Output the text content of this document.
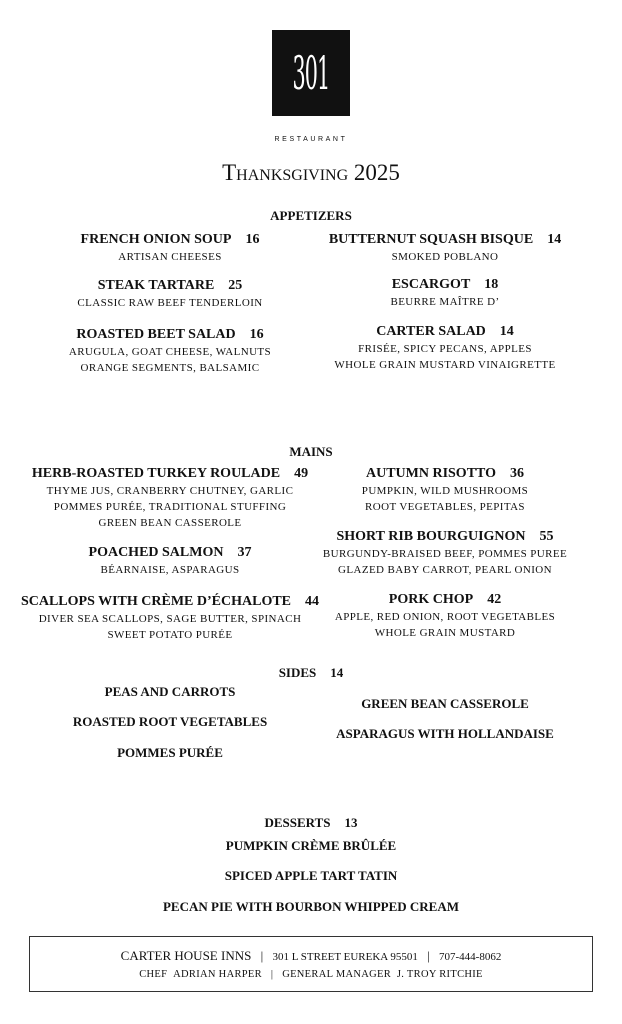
301
RESTAURANT
Thanksgiving 2025
APPETIZERS
FRENCH ONION SOUP 16
ARTISAN CHEESES
STEAK TARTARE 25
CLASSIC RAW BEEF TENDERLOIN
ROASTED BEET SALAD 16
ARUGULA, GOAT CHEESE, WALNUTS
ORANGE SEGMENTS, BALSAMIC
BUTTERNUT SQUASH BISQUE 14
SMOKED POBLANO
ESCARGOT 18
BEURRE MAÎTRE D’
CARTER SALAD 14
FRISÉE, SPICY PECANS, APPLES
WHOLE GRAIN MUSTARD VINAIGRETTE
MAINS
HERB-ROASTED TURKEY ROULADE 49
THYME JUS, CRANBERRY CHUTNEY, GARLIC
POMMES PURÉE, TRADITIONAL STUFFING
GREEN BEAN CASSEROLE
POACHED SALMON 37
BÉARNAISE, ASPARAGUS
SCALLOPS WITH CRÈME D’ÉCHALOTE 44
DIVER SEA SCALLOPS, SAGE BUTTER, SPINACH
SWEET POTATO PURÉE
AUTUMN RISOTTO 36
PUMPKIN, WILD MUSHROOMS
ROOT VEGETABLES, PEPITAS
SHORT RIB BOURGUIGNON 55
BURGUNDY-BRAISED BEEF, POMMES PUREE
GLAZED BABY CARROT, PEARL ONION
PORK CHOP 42
APPLE, RED ONION, ROOT VEGETABLES
WHOLE GRAIN MUSTARD
SIDES 14
PEAS AND CARROTS
ROASTED ROOT VEGETABLES
POMMES PURÉE
GREEN BEAN CASSEROLE
ASPARAGUS WITH HOLLANDAISE
DESSERTS 13
PUMPKIN CRÈME BRÛLÉE
SPICED APPLE TART TATIN
PECAN PIE WITH BOURBON WHIPPED CREAM
CARTER HOUSE INNS | 301 L STREET EUREKA 95501 | 707-444-8062
CHEF ADRIAN HARPER | GENERAL MANAGER J. TROY RITCHIE
